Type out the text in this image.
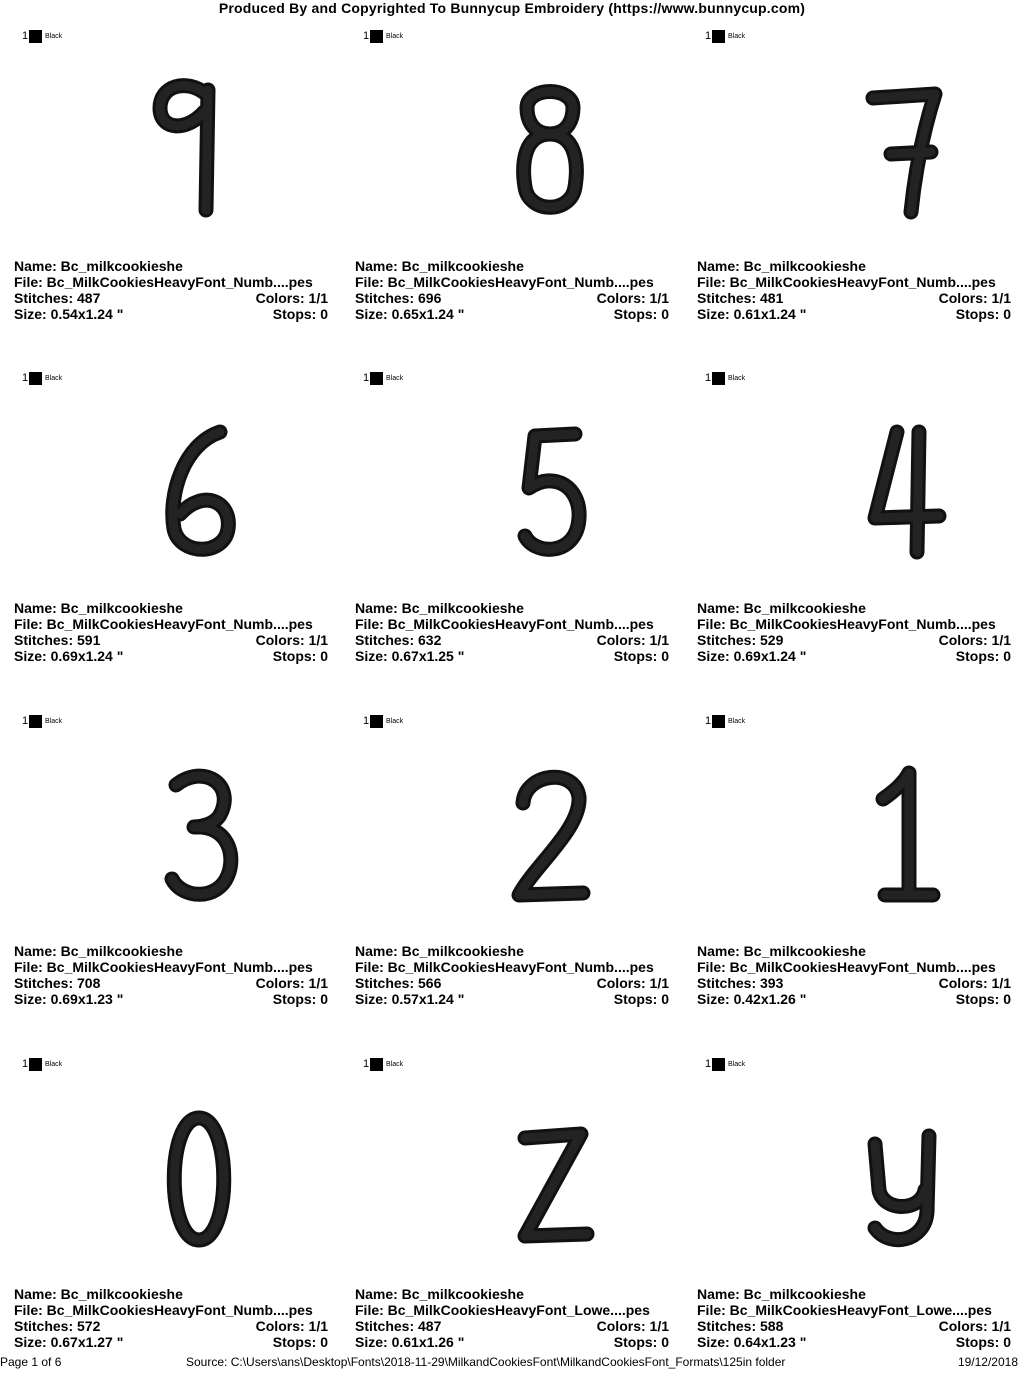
Produced By and Copyrighted To Bunnycup Embroidery (https://www.bunnycup.com)
1 Black
Name: Bc_milkcookieshe
File: Bc_MilkCookiesHeavyFont_Numb....pes
Stitches: 487	Colors: 1/1
Size: 0.54x1.24 "	Stops: 0
1 Black
Name: Bc_milkcookieshe
File: Bc_MilkCookiesHeavyFont_Numb....pes
Stitches: 696	Colors: 1/1
Size: 0.65x1.24 "	Stops: 0
1 Black
Name: Bc_milkcookieshe
File: Bc_MilkCookiesHeavyFont_Numb....pes
Stitches: 481	Colors: 1/1
Size: 0.61x1.24 "	Stops: 0
1 Black
Name: Bc_milkcookieshe
File: Bc_MilkCookiesHeavyFont_Numb....pes
Stitches: 591	Colors: 1/1
Size: 0.69x1.24 "	Stops: 0
1 Black
Name: Bc_milkcookieshe
File: Bc_MilkCookiesHeavyFont_Numb....pes
Stitches: 632	Colors: 1/1
Size: 0.67x1.25 "	Stops: 0
1 Black
Name: Bc_milkcookieshe
File: Bc_MilkCookiesHeavyFont_Numb....pes
Stitches: 529	Colors: 1/1
Size: 0.69x1.24 "	Stops: 0
1 Black
Name: Bc_milkcookieshe
File: Bc_MilkCookiesHeavyFont_Numb....pes
Stitches: 708	Colors: 1/1
Size: 0.69x1.23 "	Stops: 0
1 Black
Name: Bc_milkcookieshe
File: Bc_MilkCookiesHeavyFont_Numb....pes
Stitches: 566	Colors: 1/1
Size: 0.57x1.24 "	Stops: 0
1 Black
Name: Bc_milkcookieshe
File: Bc_MilkCookiesHeavyFont_Numb....pes
Stitches: 393	Colors: 1/1
Size: 0.42x1.26 "	Stops: 0
1 Black
Name: Bc_milkcookieshe
File: Bc_MilkCookiesHeavyFont_Numb....pes
Stitches: 572	Colors: 1/1
Size: 0.67x1.27 "	Stops: 0
1 Black
Name: Bc_milkcookieshe
File: Bc_MilkCookiesHeavyFont_Lowe....pes
Stitches: 487	Colors: 1/1
Size: 0.61x1.26 "	Stops: 0
1 Black
Name: Bc_milkcookieshe
File: Bc_MilkCookiesHeavyFont_Lowe....pes
Stitches: 588	Colors: 1/1
Size: 0.64x1.23 "	Stops: 0
Page 1 of 6	Source: C:\Users\ans\Desktop\Fonts\2018-11-29\MilkandCookiesFont\MilkandCookiesFont_Formats\125in folder	19/12/2018
